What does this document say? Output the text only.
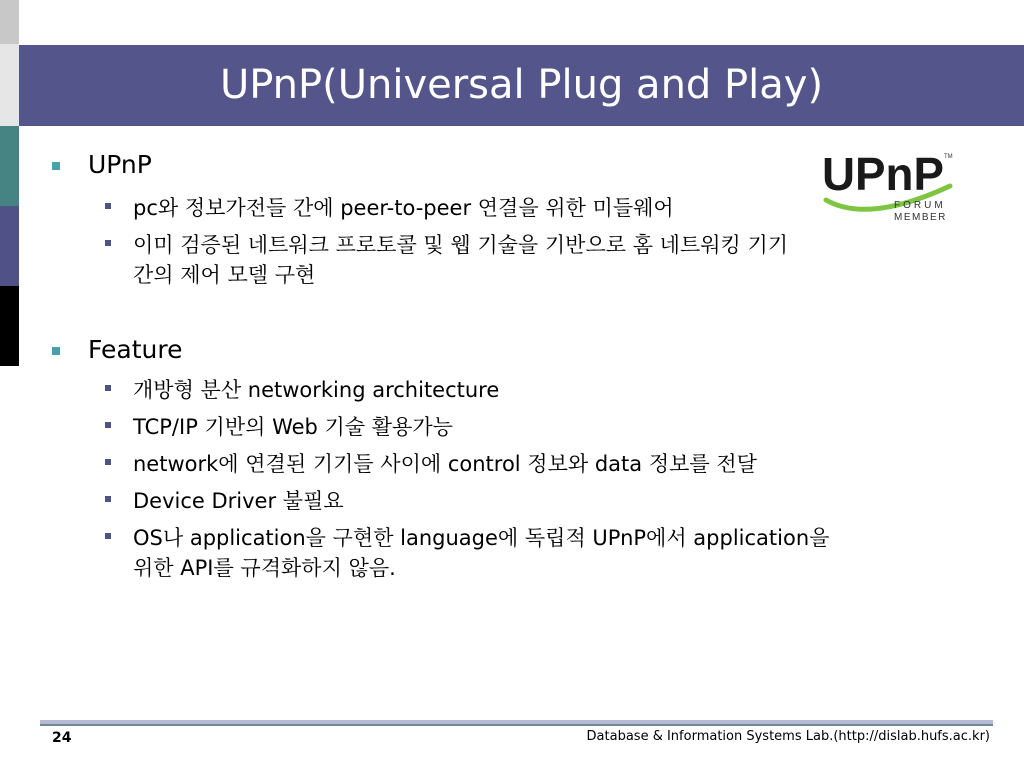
UPnP(Universal Plug and Play)
UPnP
pc와 정보가전들 간에 peer-to-peer 연결을 위한 미들웨어
이미 검증된 네트워크 프로토콜 및 웹 기술을 기반으로 홈 네트워킹 기기
간의 제어 모델 구현
Feature
개방형 분산 networking architecture
TCP/IP 기반의 Web 기술 활용가능
network에 연결된 기기들 사이에 control 정보와 data 정보를 전달
Device Driver 불필요
OS나 application을 구현한 language에 독립적 UPnP에서 application을
위한 API를 규격화하지 않음.
UPnP TM
FORUM
MEMBER
24	Database & Information Systems Lab.(http://dislab.hufs.ac.kr)
